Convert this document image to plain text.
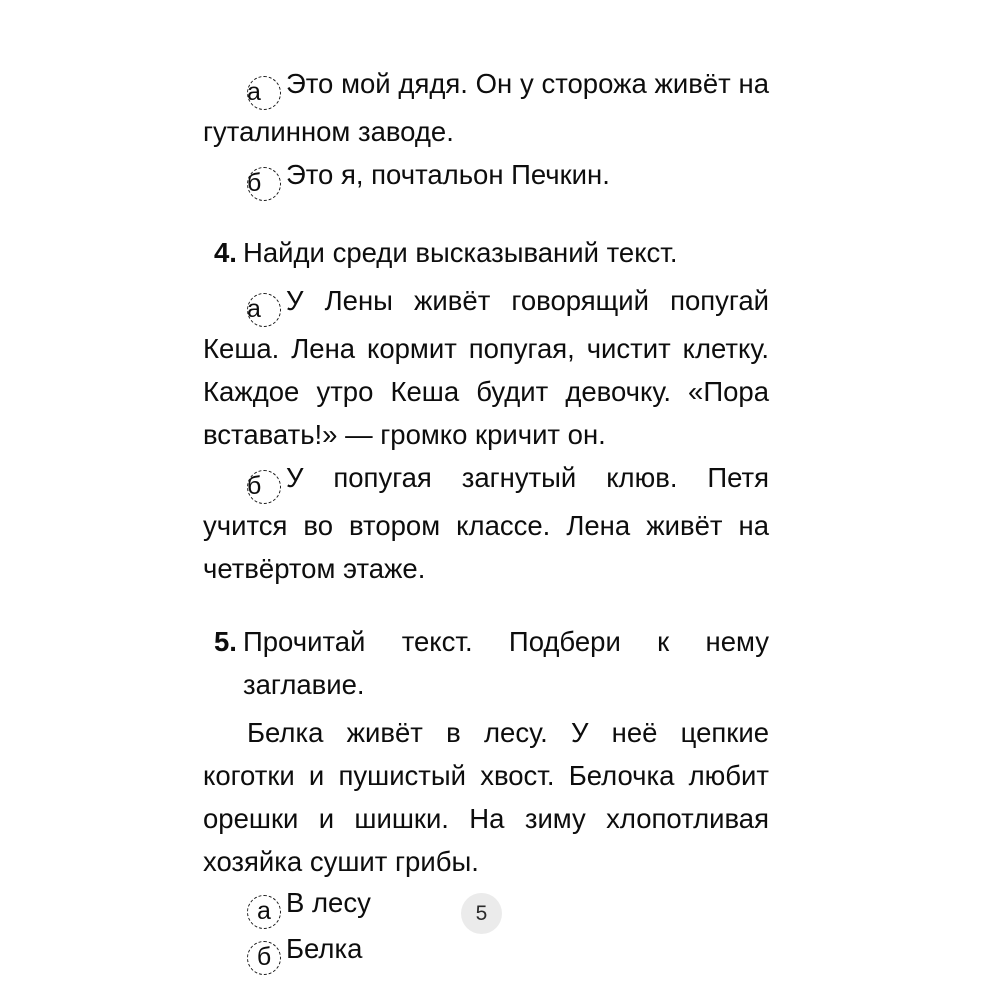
а Это мой дядя. Он у сторожа живёт на гуталинном заводе.
б Это я, почтальон Печкин.
4. Найди среди высказываний текст.
а У Лены живёт говорящий попугай Кеша. Лена кормит попугая, чистит клетку. Каждое утро Кеша будит девочку. «Пора вставать!» — громко кричит он.
б У попугая загнутый клюв. Петя учится во втором классе. Лена живёт на четвёртом этаже.
5. Прочитай текст. Подбери к нему заглавие.
Белка живёт в лесу. У неё цепкие коготки и пушистый хвост. Белочка любит орешки и шишки. На зиму хлопотливая хозяйка сушит грибы.
а В лесу
б Белка
5
